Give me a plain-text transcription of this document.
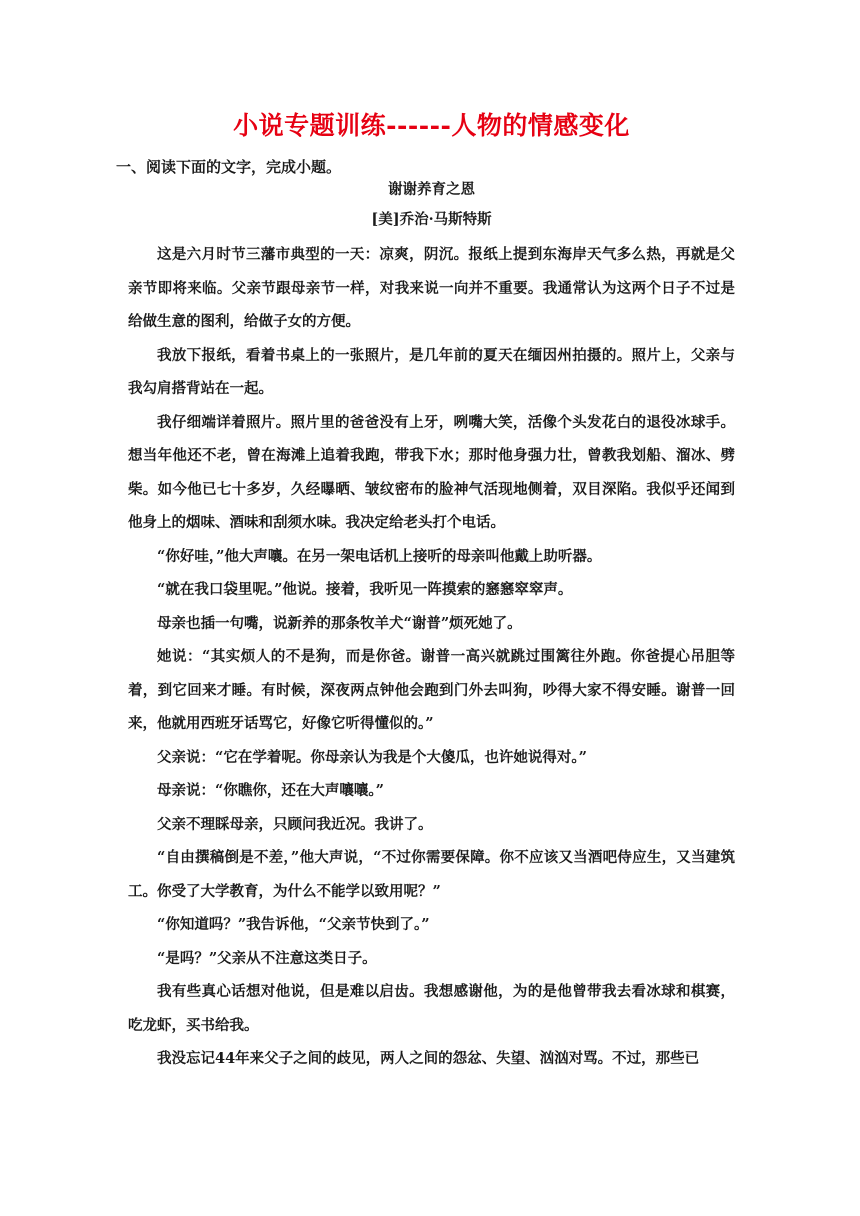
小说专题训练------人物的情感变化
一、阅读下面的文字，完成小题。
谢谢养育之恩
[美]乔治·马斯特斯

这是六月时节三藩市典型的一天：凉爽，阴沉。报纸上提到东海岸天气多么热，再就是父亲节即将来临。父亲节跟母亲节一样，对我来说一向并不重要。我通常认为这两个日子不过是给做生意的图利，给做子女的方便。

我放下报纸，看着书桌上的一张照片，是几年前的夏天在缅因州拍摄的。照片上，父亲与我勾肩搭背站在一起。

我仔细端详着照片。照片里的爸爸没有上牙，咧嘴大笑，活像个头发花白的退役冰球手。想当年他还不老，曾在海滩上追着我跑，带我下水；那时他身强力壮，曾教我划船、溜冰、劈柴。如今他已七十多岁，久经曝晒、皱纹密布的脸神气活现地侧着，双目深陷。我似乎还闻到他身上的烟味、酒味和刮须水味。我决定给老头打个电话。

“你好哇，”他大声嚷。在另一架电话机上接听的母亲叫他戴上助听器。

“就在我口袋里呢。”他说。接着，我听见一阵摸索的窸窸窣窣声。

母亲也插一句嘴，说新养的那条牧羊犬“谢普”烦死她了。

她说：“其实烦人的不是狗，而是你爸。谢普一高兴就跳过围篱往外跑。你爸提心吊胆等着，到它回来才睡。有时候，深夜两点钟他会跑到门外去叫狗，吵得大家不得安睡。谢普一回来，他就用西班牙话骂它，好像它听得懂似的。”

父亲说：“它在学着呢。你母亲认为我是个大傻瓜，也许她说得对。”

母亲说：“你瞧你，还在大声嚷嚷。”

父亲不理睬母亲，只顾问我近况。我讲了。

“自由撰稿倒是不差，”他大声说，“不过你需要保障。你不应该又当酒吧侍应生，又当建筑工。你受了大学教育，为什么不能学以致用呢？”

“你知道吗？”我告诉他，“父亲节快到了。”

“是吗？”父亲从不注意这类日子。

我有些真心话想对他说，但是难以启齿。我想感谢他，为的是他曾带我去看冰球和棋赛，吃龙虾，买书给我。

我没忘记44年来父子之间的歧见，两人之间的怨忿、失望、汹汹对骂。不过，那些已
